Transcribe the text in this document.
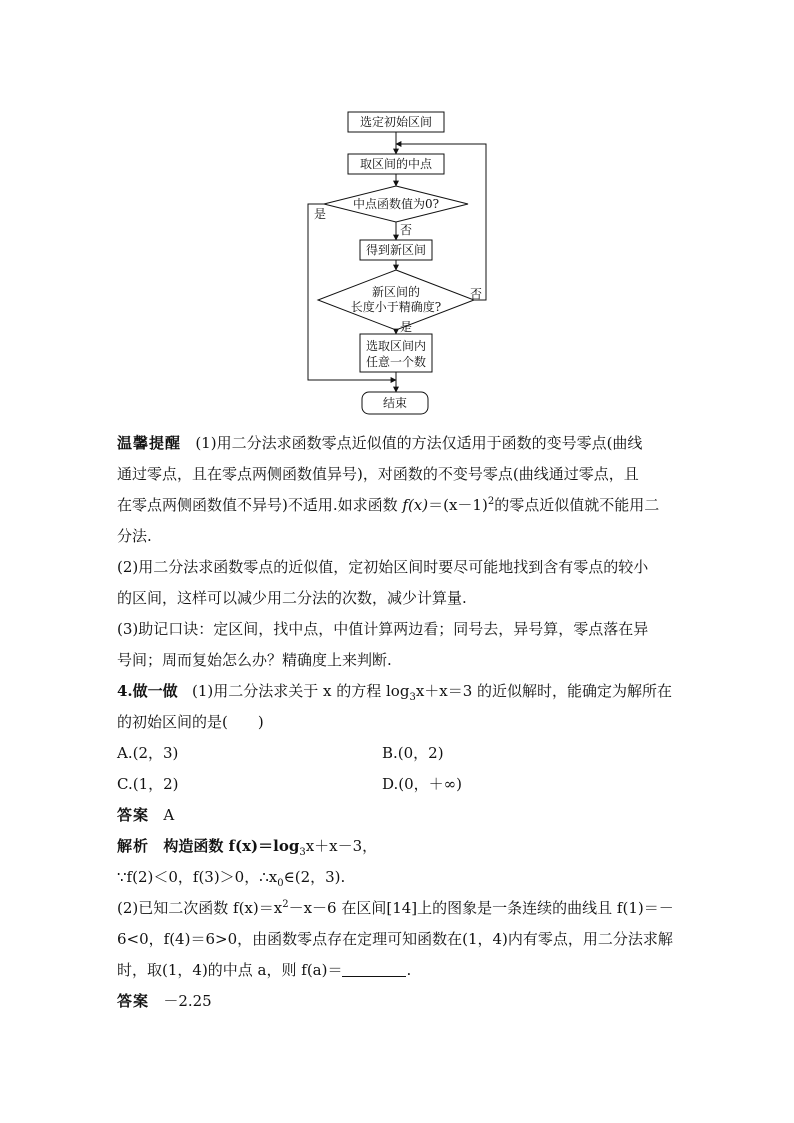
选定初始区间
取区间的中点
中点函数值为0?
得到新区间
新区间的
长度小于精确度?
选取区间内
任意一个数
结束
是
否
否
是

温馨提醒 (1)用二分法求函数零点近似值的方法仅适用于函数的变号零点(曲线
通过零点，且在零点两侧函数值异号)，对函数的不变号零点(曲线通过零点，且
在零点两侧函数值不异号)不适用.如求函数 $f(x)=(x-1)^2$的零点近似值就不能用二
分法.

(2)用二分法求函数零点的近似值，定初始区间时要尽可能地找到含有零点的较小
的区间，这样可以减少用二分法的次数，减少计算量.

(3)助记口诀：定区间，找中点，中值计算两边看；同号去，异号算，零点落在异
号间；周而复始怎么办？精确度上来判断.

4.做一做 (1)用二分法求关于 x 的方程 $\log_3x+x=3$ 的近似解时，能确定为解所在
的初始区间的是(　　)

A.(2，3)	B.(0，2)
C.(1，2)	D.(0，＋∞)

答案 A

解析 构造函数 $f(x)=\log_3x+x-3$，
∵f(2)＜0，f(3)＞0，$\therefore x_0\in(2$，3).

(2)已知二次函数 $f(x)=x^2-x-6$ 在区间[14]上的图象是一条连续的曲线且 f(1)＝－
6<0，f(4)＝6>0，由函数零点存在定理可知函数在(1，4)内有零点，用二分法求解
时，取(1，4)的中点 a，则 f(a)＝	.

答案 －2.25
